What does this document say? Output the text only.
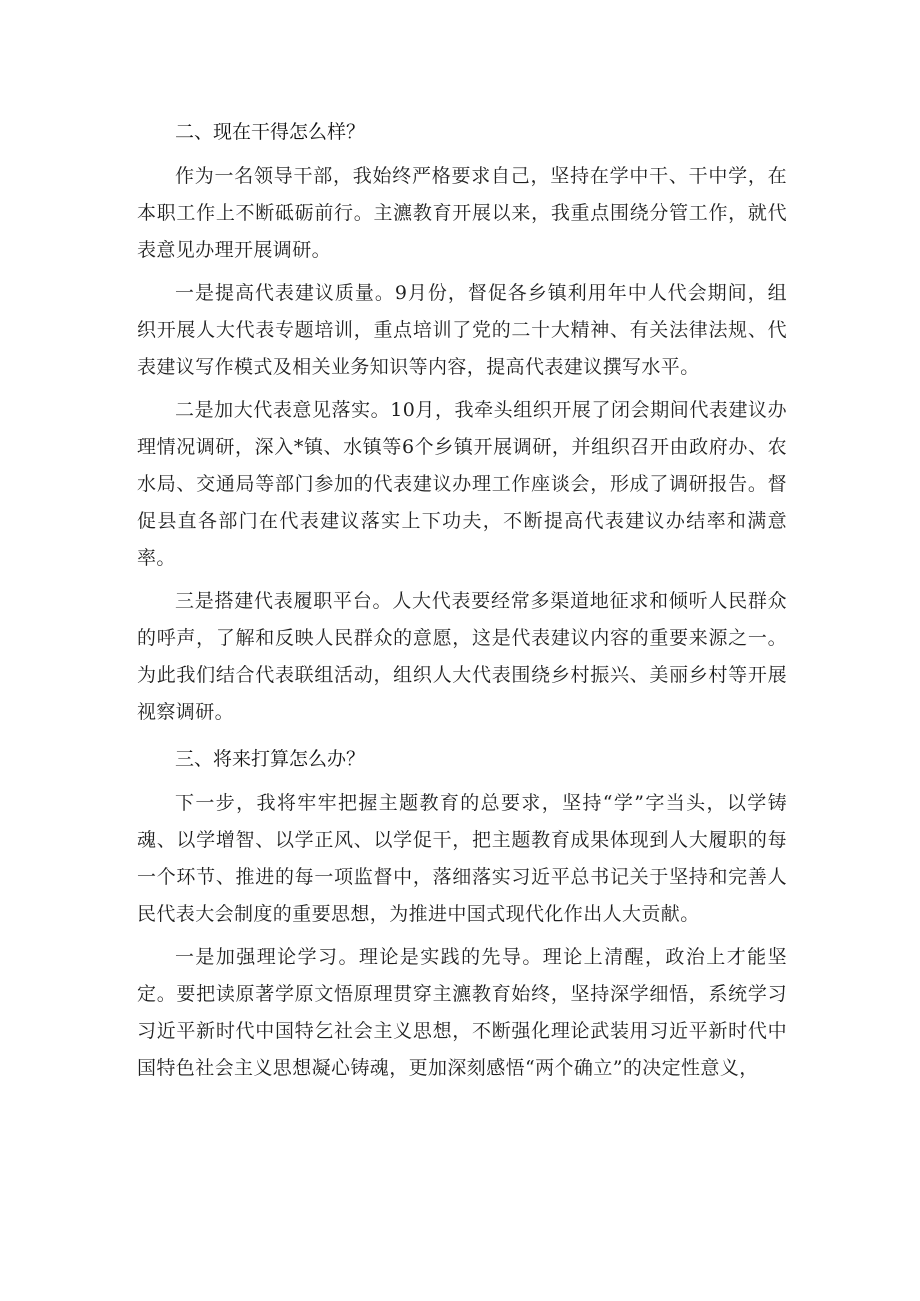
二、现在干得怎么样？

作为一名领导干部，我始终严格要求自己，坚持在学中干、干中学，在本职工作上不断砥砺前行。主瀌教育开展以来，我重点围绕分管工作，就代表意见办理开展调研。

一是提高代表建议质量。9月份，督促各乡镇利用年中人代会期间，组织开展人大代表专题培训，重点培训了党的二十大精神、有关法律法规、代表建议写作模式及相关业务知识等内容，提高代表建议撰写水平。

二是加大代表意见落实。10月，我牵头组织开展了闭会期间代表建议办理情况调研，深入*镇、水镇等6个乡镇开展调研，并组织召开由政府办、农水局、交通局等部门参加的代表建议办理工作座谈会，形成了调研报告。督促县直各部门在代表建议落实上下功夫，不断提高代表建议办结率和满意率。

三是搭建代表履职平台。人大代表要经常多渠道地征求和倾听人民群众的呼声，了解和反映人民群众的意愿，这是代表建议内容的重要来源之一。为此我们结合代表联组活动，组织人大代表围绕乡村振兴、美丽乡村等开展视察调研。

三、将来打算怎么办？

下一步，我将牢牢把握主题教育的总要求，坚持“学”字当头，以学铸魂、以学增智、以学正风、以学促干，把主题教育成果体现到人大履职的每一个环节、推进的每一项监督中，落细落实习近平总书记关于坚持和完善人民代表大会制度的重要思想，为推进中国式现代化作出人大贡献。

一是加强理论学习。理论是实践的先导。理论上清醒，政治上才能坚定。要把读原著学原文悟原理贯穿主瀌教育始终，坚持深学细悟，系统学习习近平新时代中国特乞社会主义思想，不断强化理论武装用习近平新时代中国特色社会主义思想凝心铸魂，更加深刻感悟“两个确立”的决定性意义，
